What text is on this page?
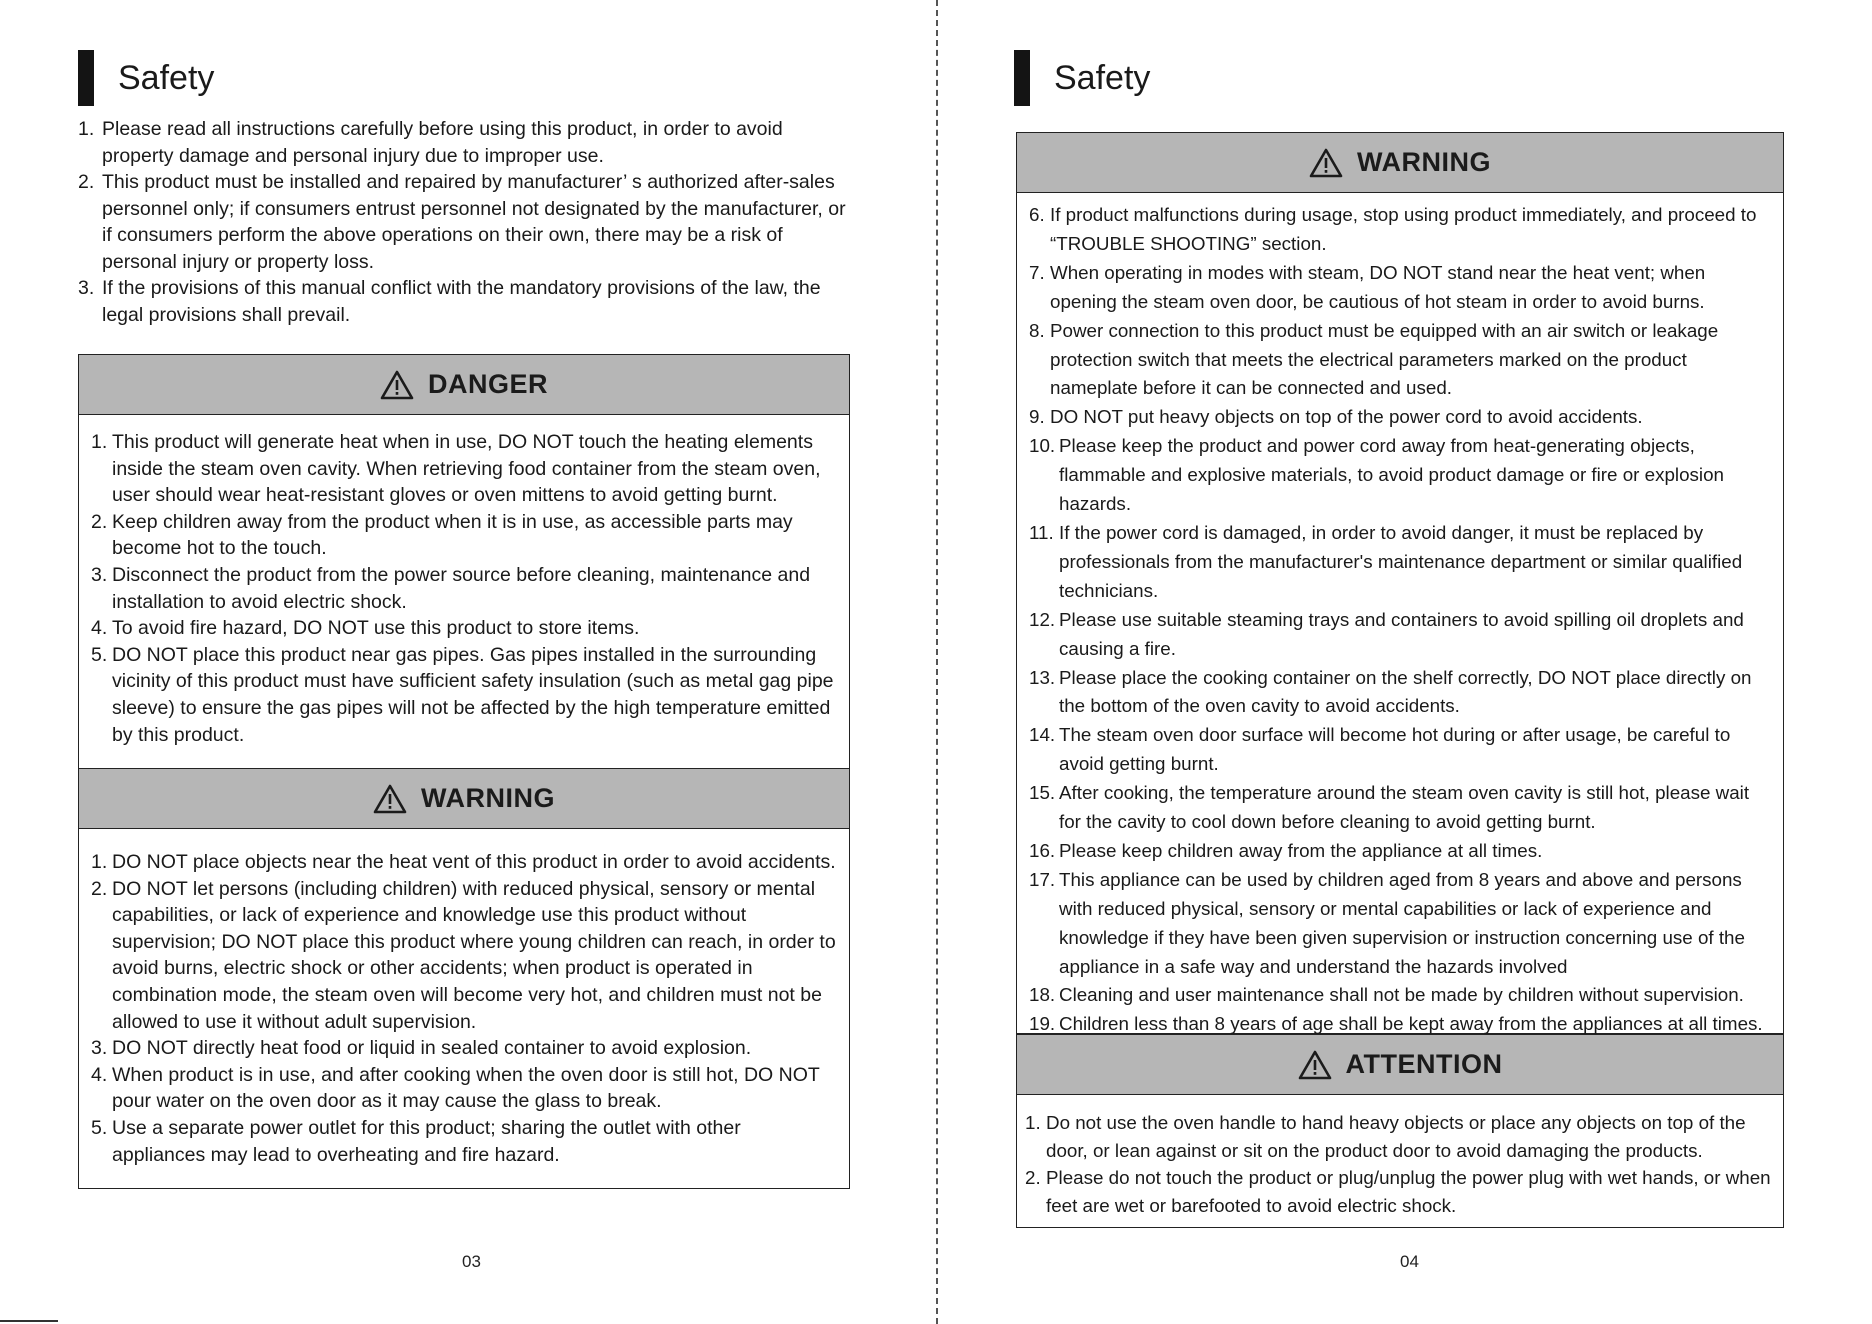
Safety
1. Please read all instructions carefully before using this product, in order to avoid property damage and personal injury due to improper use.
2. This product must be installed and repaired by manufacturer’ s authorized after-sales personnel only; if consumers entrust personnel not designated by the manufacturer, or if consumers perform the above operations on their own, there may be a risk of personal injury or property loss.
3. If the provisions of this manual conflict with the mandatory provisions of the law, the legal provisions shall prevail.
DANGER
1. This product will generate heat when in use, DO NOT touch the heating elements inside the steam oven cavity. When retrieving food container from the steam oven, user should wear heat-resistant gloves or oven mittens to avoid getting burnt.
2. Keep children away from the product when it is in use, as accessible parts may become hot to the touch.
3. Disconnect the product from the power source before cleaning, maintenance and installation to avoid electric shock.
4. To avoid fire hazard, DO NOT use this product to store items.
5. DO NOT place this product near gas pipes. Gas pipes installed in the surrounding vicinity of this product must have sufficient safety insulation (such as metal gag pipe sleeve) to ensure the gas pipes will not be affected by the high temperature emitted by this product.
WARNING
1. DO NOT place objects near the heat vent of this product in order to avoid accidents.
2. DO NOT let persons (including children) with reduced physical, sensory or mental capabilities, or lack of experience and knowledge use this product without supervision; DO NOT place this product where young children can reach, in order to avoid burns, electric shock or other accidents; when product is operated in combination mode, the steam oven will become very hot, and children must not be allowed to use it without adult supervision.
3. DO NOT directly heat food or liquid in sealed container to avoid explosion.
4. When product is in use, and after cooking when the oven door is still hot, DO NOT pour water on the oven door as it may cause the glass to break.
5. Use a separate power outlet for this product; sharing the outlet with other appliances may lead to overheating and fire hazard.
03
Safety
WARNING
6. If product malfunctions during usage, stop using product immediately, and proceed to “TROUBLE SHOOTING” section.
7. When operating in modes with steam, DO NOT stand near the heat vent; when opening the steam oven door, be cautious of hot steam in order to avoid burns.
8. Power connection to this product must be equipped with an air switch or leakage protection switch that meets the electrical parameters marked on the product nameplate before it can be connected and used.
9. DO NOT put heavy objects on top of the power cord to avoid accidents.
10. Please keep the product and power cord away from heat-generating objects, flammable and explosive materials, to avoid product damage or fire or explosion hazards.
11. If the power cord is damaged, in order to avoid danger, it must be replaced by professionals from the manufacturer's maintenance department or similar qualified technicians.
12. Please use suitable steaming trays and containers to avoid spilling oil droplets and causing a fire.
13. Please place the cooking container on the shelf correctly, DO NOT place directly on the bottom of the oven cavity to avoid accidents.
14. The steam oven door surface will become hot during or after usage, be careful to avoid getting burnt.
15. After cooking, the temperature around the steam oven cavity is still hot, please wait for the cavity to cool down before cleaning to avoid getting burnt.
16. Please keep children away from the appliance at all times.
17. This appliance can be used by children aged from 8 years and above and persons with reduced physical, sensory or mental capabilities or lack of experience and knowledge if they have been given supervision or instruction concerning use of the appliance in a safe way and understand the hazards involved
18. Cleaning and user maintenance shall not be made by children without supervision.
19. Children less than 8 years of age shall be kept away from the appliances at all times.
ATTENTION
1. Do not use the oven handle to hand heavy objects or place any objects on top of the door, or lean against or sit on the product door to avoid damaging the products.
2. Please do not touch the product or plug/unplug the power plug with wet hands, or when feet are wet or barefooted to avoid electric shock.
04
